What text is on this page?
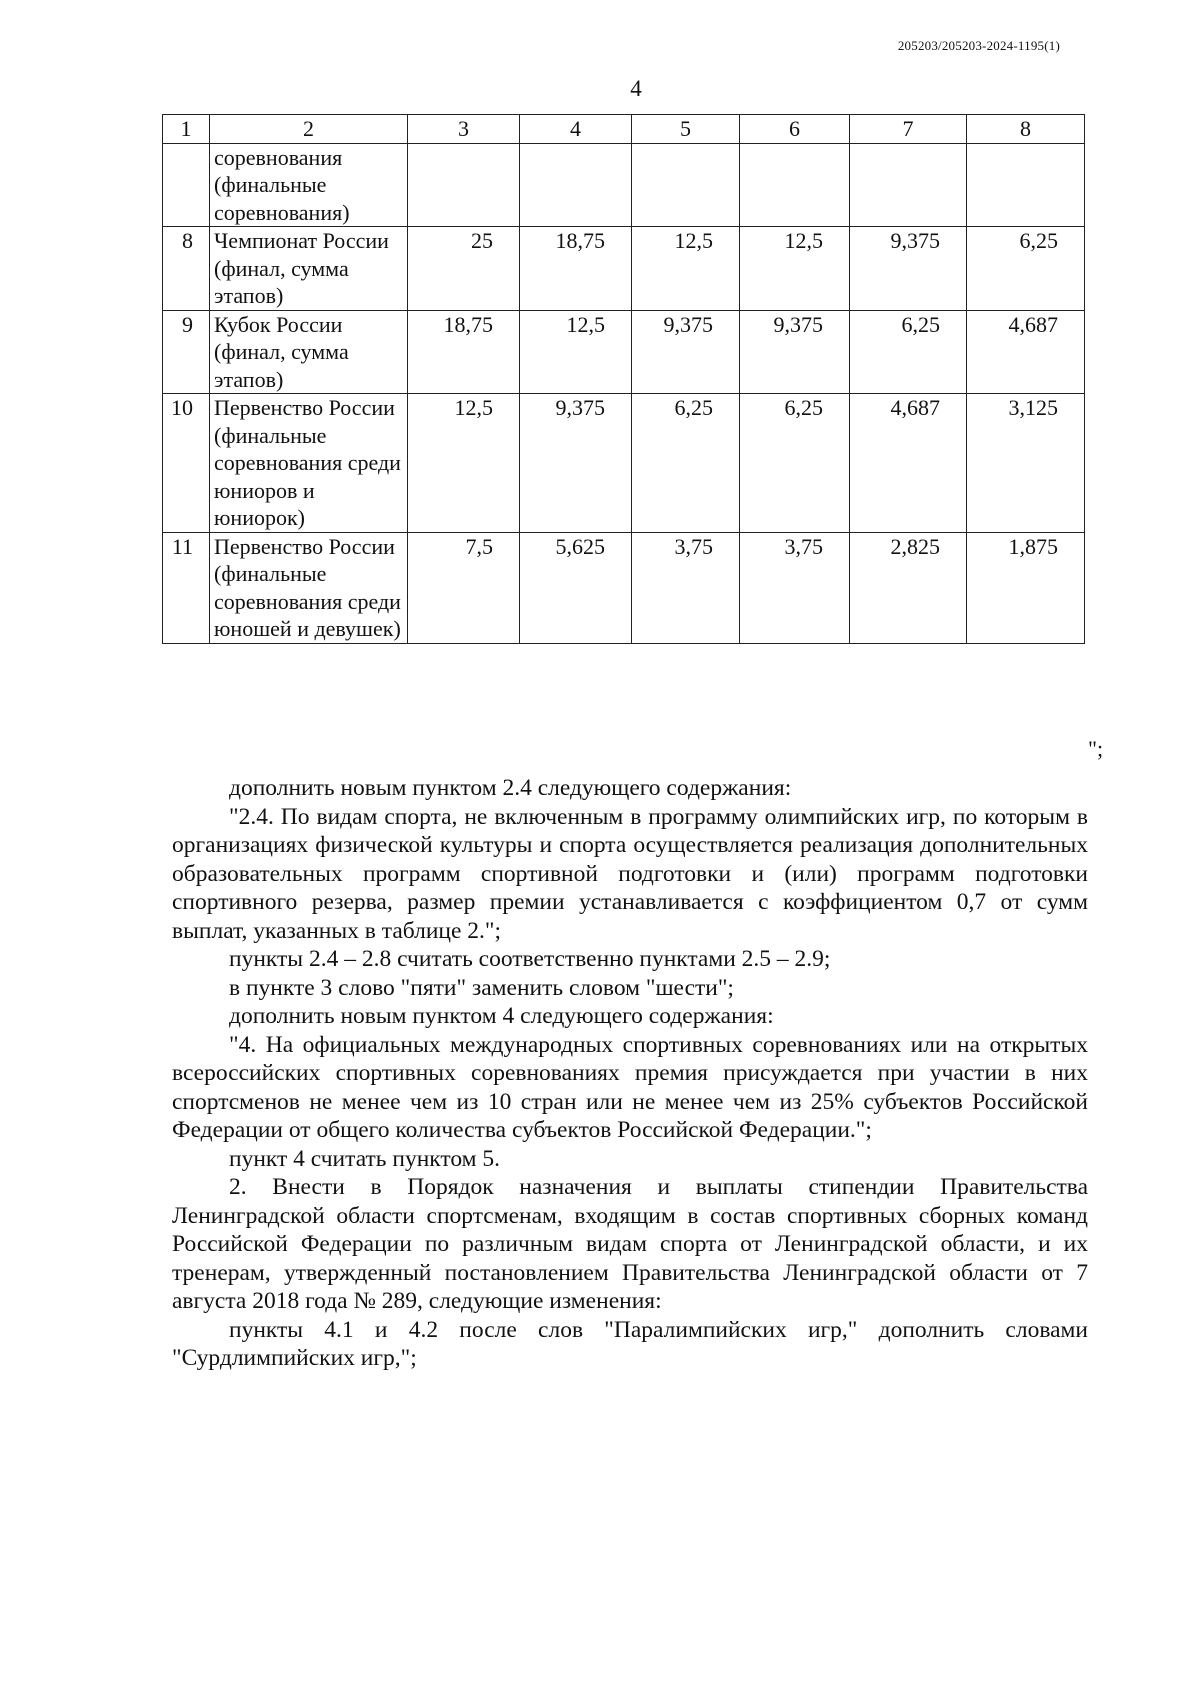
205203/205203-2024-1195(1)
4
1	2	3	4	5	6	7	8
	соревнования (финальные соревнования)						
8	Чемпионат России (финал, сумма этапов)	25	18,75	12,5	12,5	9,375	6,25
9	Кубок России (финал, сумма этапов)	18,75	12,5	9,375	9,375	6,25	4,687
10	Первенство России (финальные соревнования среди юниоров и юниорок)	12,5	9,375	6,25	6,25	4,687	3,125
11	Первенство России (финальные соревнования среди юношей и девушек)	7,5	5,625	3,75	3,75	2,825	1,875
";

дополнить новым пунктом 2.4 следующего содержания:

"2.4. По видам спорта, не включенным в программу олимпийских игр, по которым в организациях физической культуры и спорта осуществляется реализация дополнительных образовательных программ спортивной подготовки и (или) программ подготовки спортивного резерва, размер премии устанавливается с коэффициентом 0,7 от сумм выплат, указанных в таблице 2.";

пункты 2.4 – 2.8 считать соответственно пунктами 2.5 – 2.9;

в пункте 3 слово "пяти" заменить словом "шести";

дополнить новым пунктом 4 следующего содержания:

"4. На официальных международных спортивных соревнованиях или на открытых всероссийских спортивных соревнованиях премия присуждается при участии в них спортсменов не менее чем из 10 стран или не менее чем из 25% субъектов Российской Федерации от общего количества субъектов Российской Федерации.";

пункт 4 считать пунктом 5.

2. Внести в Порядок назначения и выплаты стипендии Правительства Ленинградской области спортсменам, входящим в состав спортивных сборных команд Российской Федерации по различным видам спорта от Ленинградской области, и их тренерам, утвержденный постановлением Правительства Ленинградской области от 7 августа 2018 года № 289, следующие изменения:

пункты 4.1 и 4.2 после слов "Паралимпийских игр," дополнить словами "Сурдлимпийских игр,";
